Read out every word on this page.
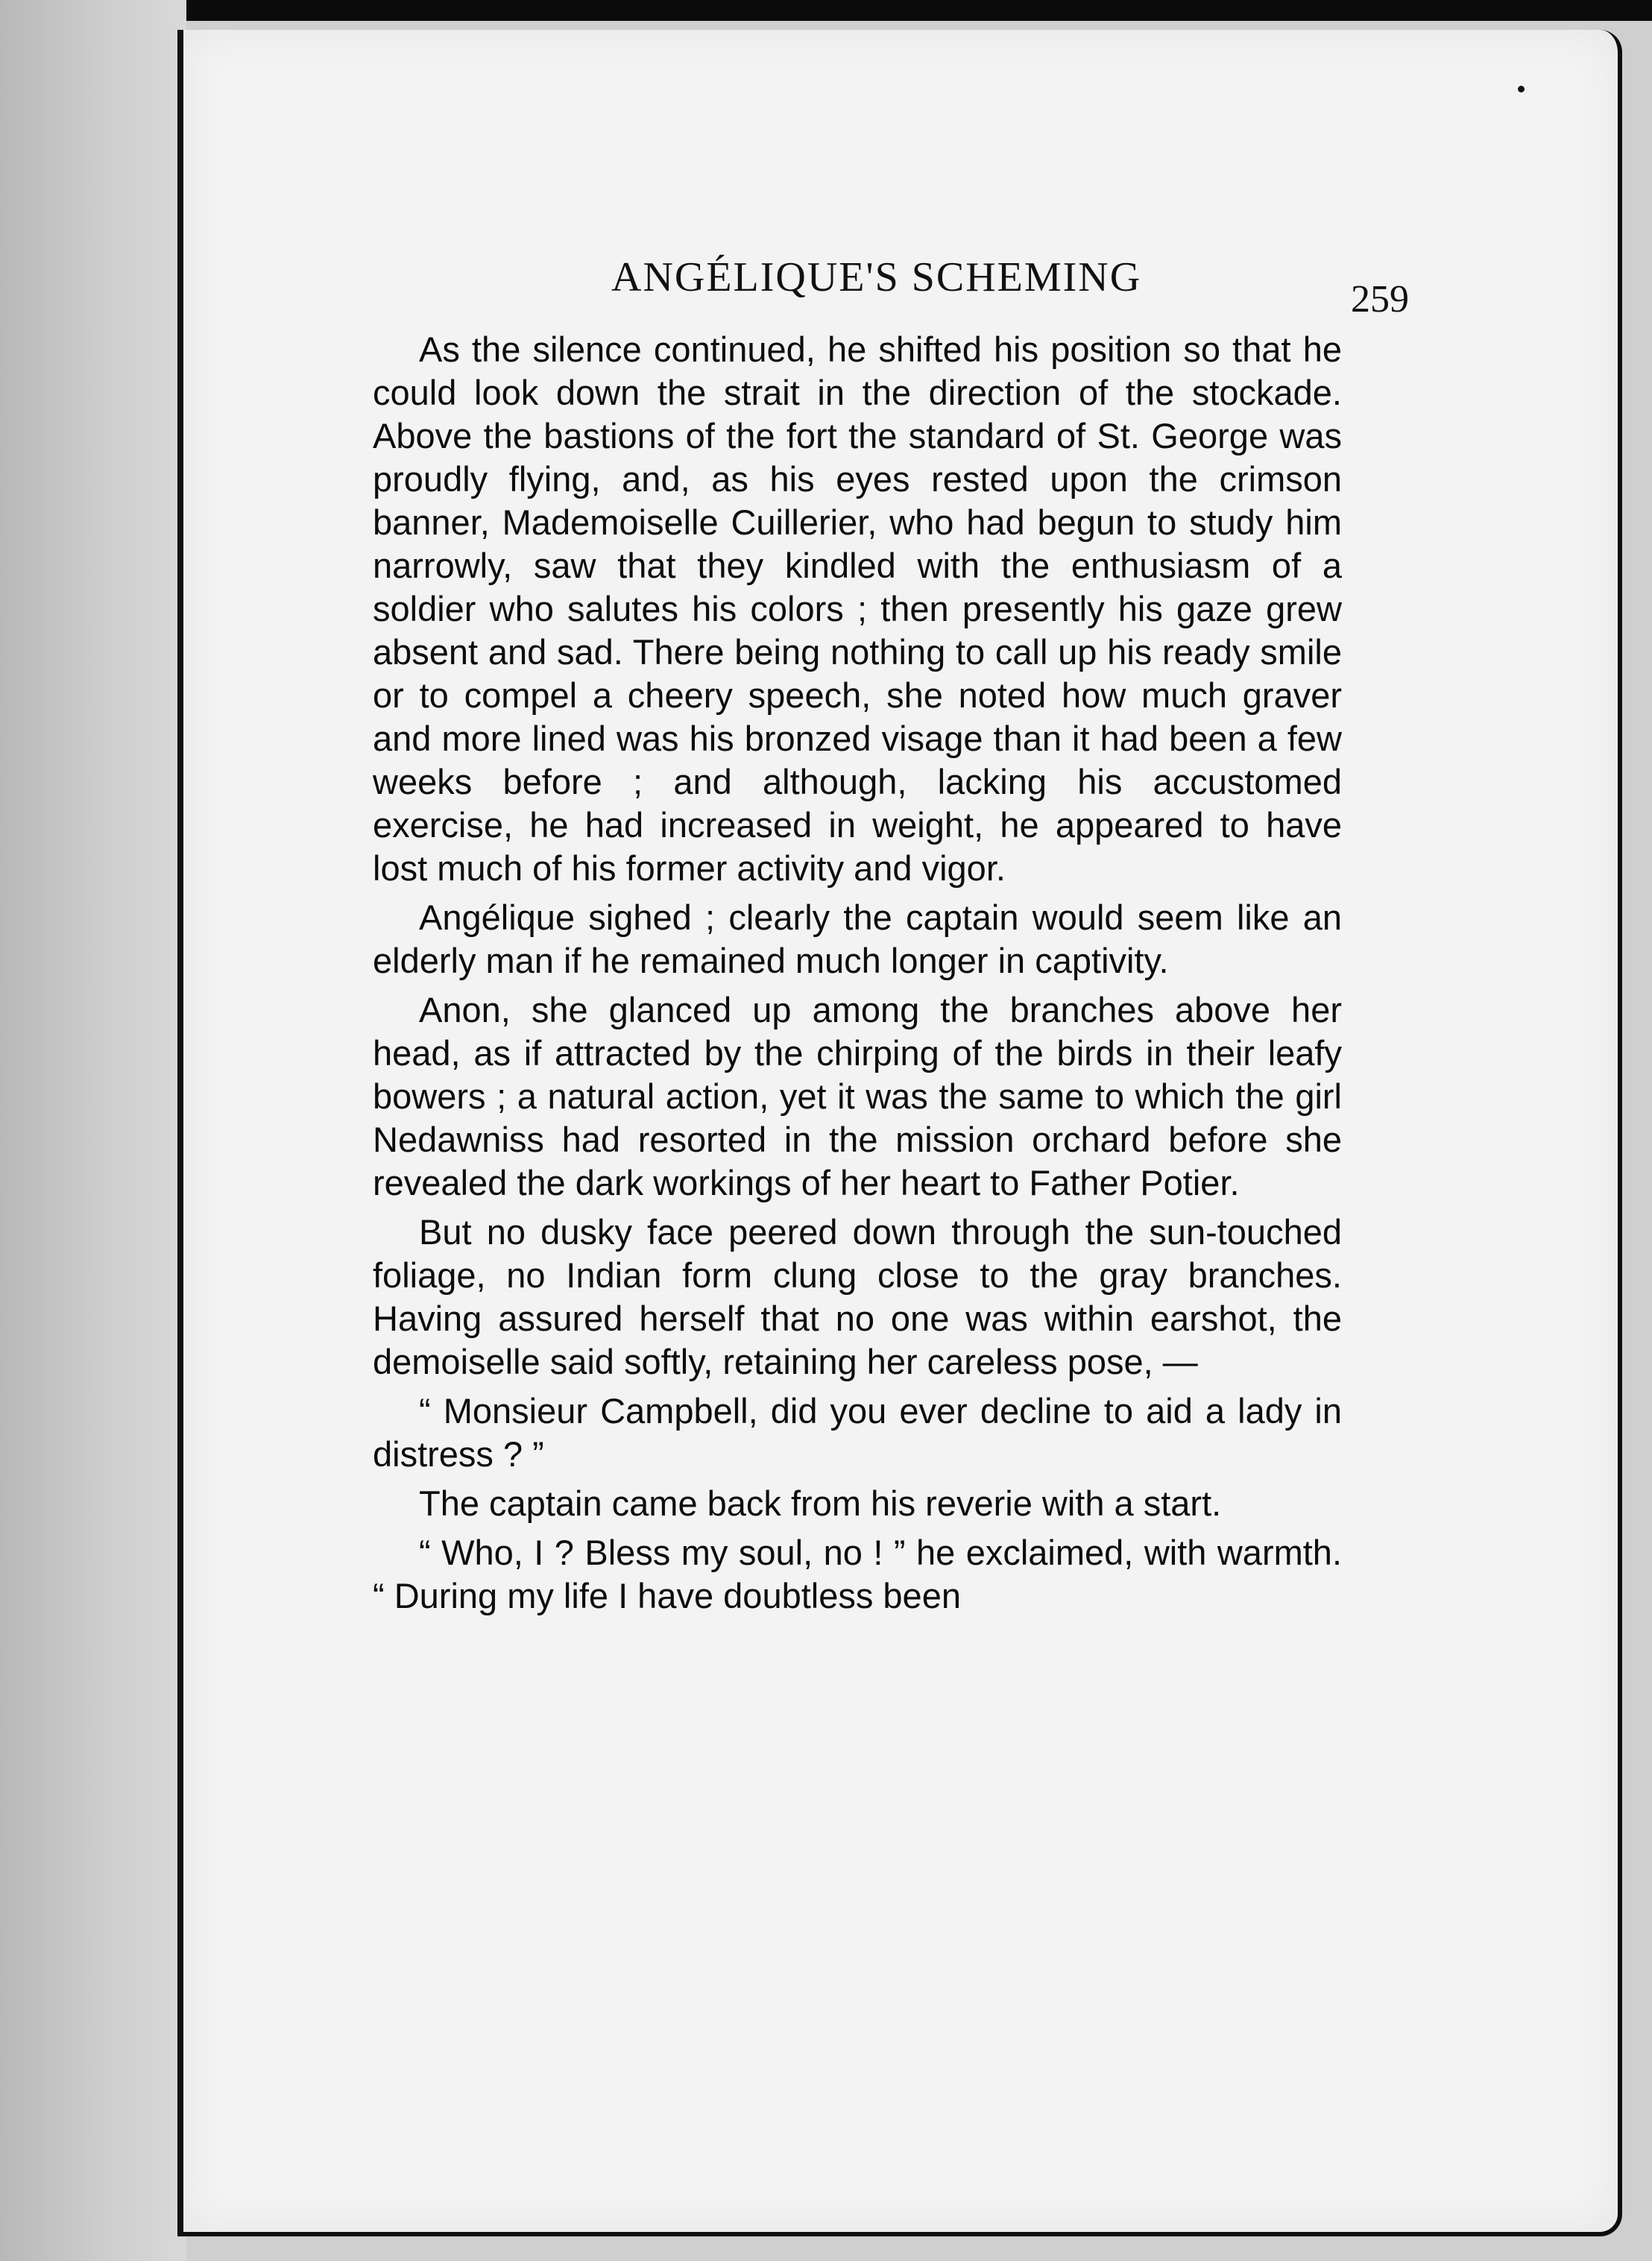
ANGÉLIQUE'S SCHEMING	259

As the silence continued, he shifted his position so that he could look down the strait in the direction of the stockade. Above the bastions of the fort the standard of St. George was proudly flying, and, as his eyes rested upon the crimson banner, Mademoiselle Cuillerier, who had begun to study him narrowly, saw that they kindled with the enthusiasm of a soldier who salutes his colors ; then presently his gaze grew absent and sad. There being nothing to call up his ready smile or to compel a cheery speech, she noted how much graver and more lined was his bronzed visage than it had been a few weeks before ; and although, lacking his accustomed exercise, he had increased in weight, he appeared to have lost much of his former activity and vigor.

Angélique sighed ; clearly the captain would seem like an elderly man if he remained much longer in captivity.

Anon, she glanced up among the branches above her head, as if attracted by the chirping of the birds in their leafy bowers ; a natural action, yet it was the same to which the girl Nedawniss had resorted in the mission orchard before she revealed the dark workings of her heart to Father Potier.

But no dusky face peered down through the sun-touched foliage, no Indian form clung close to the gray branches. Having assured herself that no one was within earshot, the demoiselle said softly, retaining her careless pose, —

“ Monsieur Campbell, did you ever decline to aid a lady in distress ? ”

The captain came back from his reverie with a start.

“ Who, I ? Bless my soul, no ! ” he exclaimed, with warmth. “ During my life I have doubtless been
